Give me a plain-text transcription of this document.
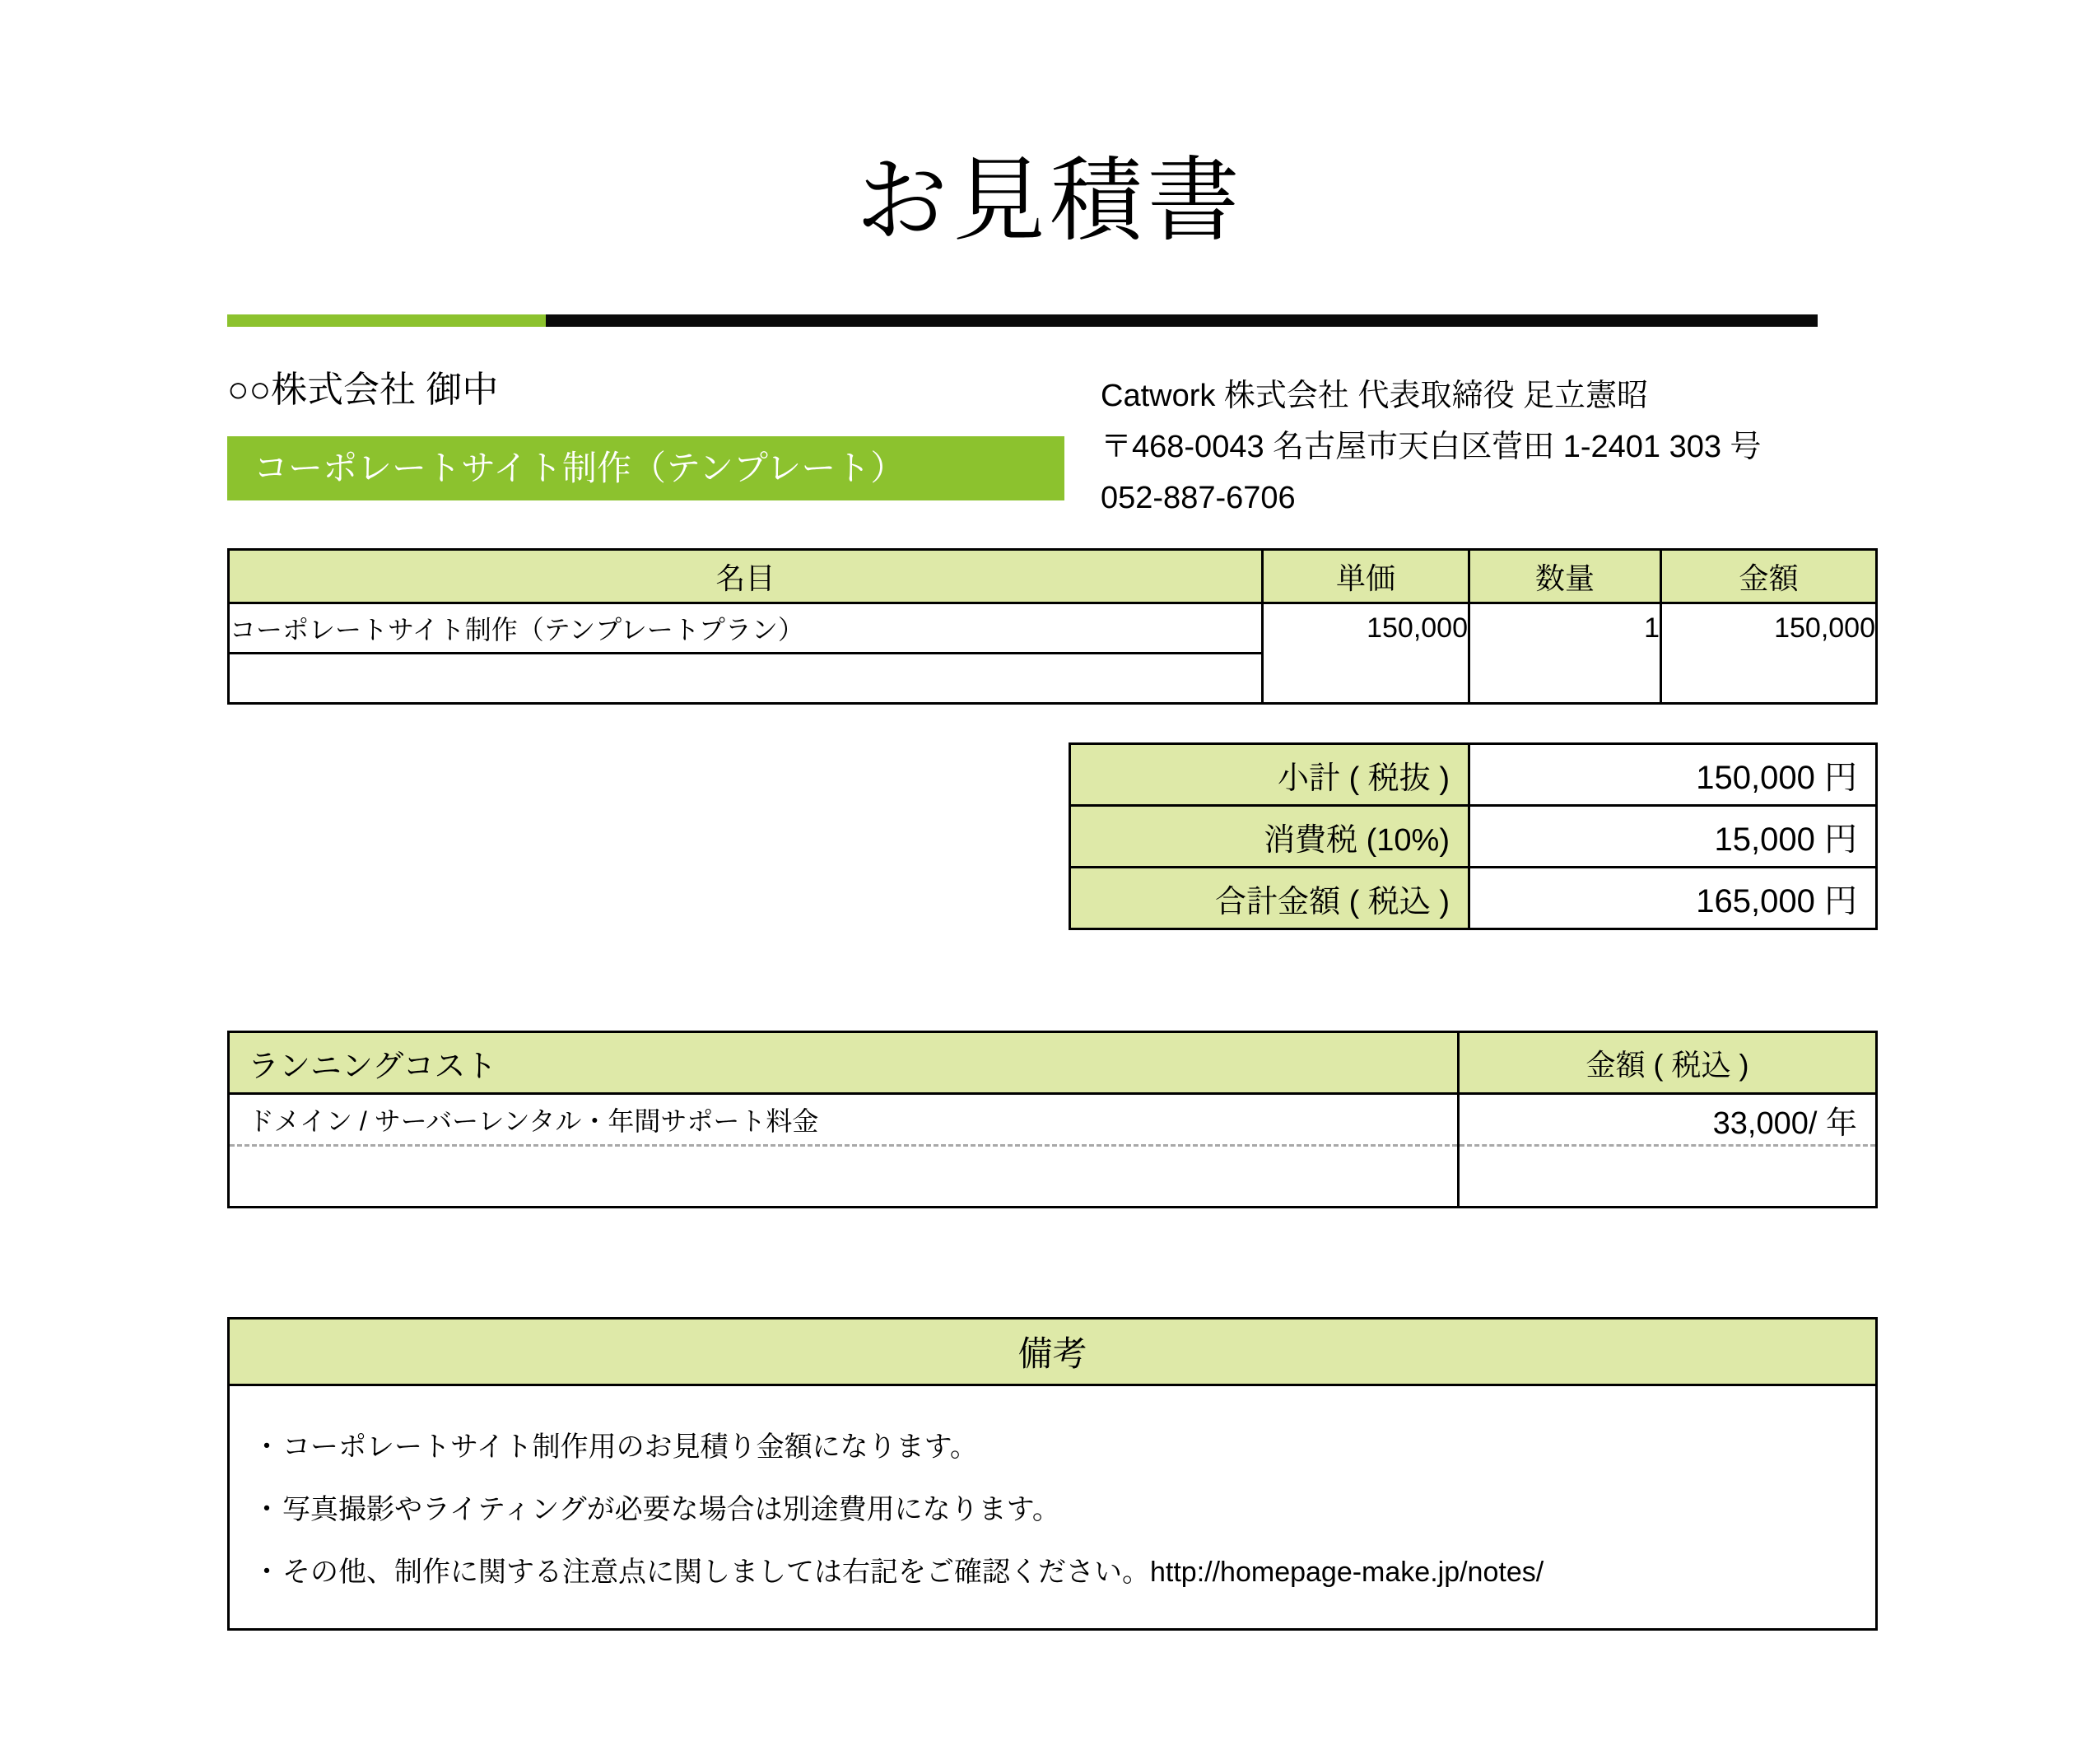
お見積書
○○株式会社 御中
コーポレートサイト制作（テンプレート）
Catwork 株式会社 代表取締役 足立憲昭
〒468-0043 名古屋市天白区菅田 1-2401 303 号
052-887-6706
名目	単価	数量	金額
コーポレートサイト制作（テンプレートプラン）	150,000	1	150,000

小計 ( 税抜 )	150,000 円
消費税 (10%)	15,000 円
合計金額 ( 税込 )	165,000 円
ランニングコスト	金額 ( 税込 )
ドメイン / サーバーレンタル・年間サポート料金	33,000/ 年

備考

・コーポレートサイト制作用のお見積り金額になります。
・写真撮影やライティングが必要な場合は別途費用になります。
・その他、制作に関する注意点に関しましては右記をご確認ください。http://homepage-make.jp/notes/
